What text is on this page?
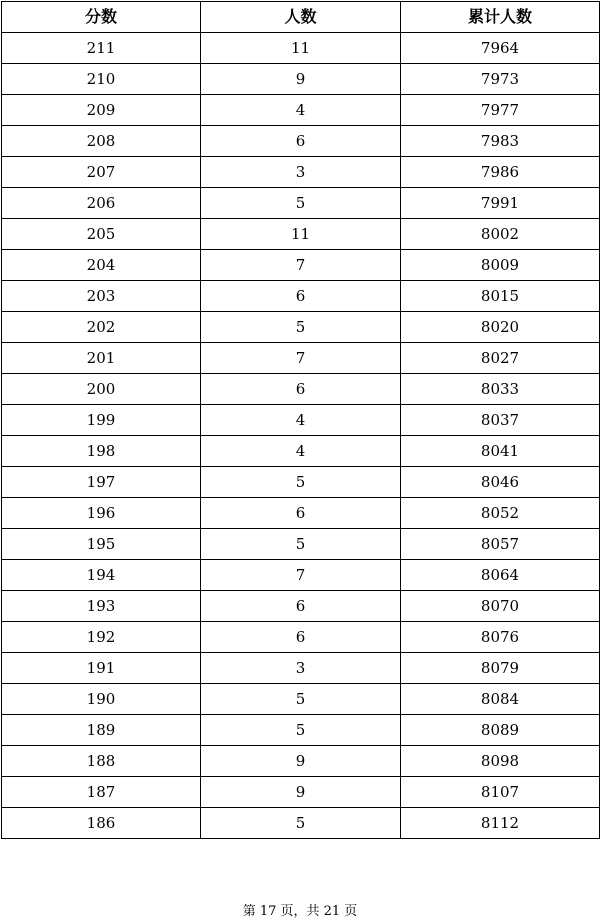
分数	人数	累计人数
211	11	7964
210	9	7973
209	4	7977
208	6	7983
207	3	7986
206	5	7991
205	11	8002
204	7	8009
203	6	8015
202	5	8020
201	7	8027
200	6	8033
199	4	8037
198	4	8041
197	5	8046
196	6	8052
195	5	8057
194	7	8064
193	6	8070
192	6	8076
191	3	8079
190	5	8084
189	5	8089
188	9	8098
187	9	8107
186	5	8112
第 17 页，共 21 页
